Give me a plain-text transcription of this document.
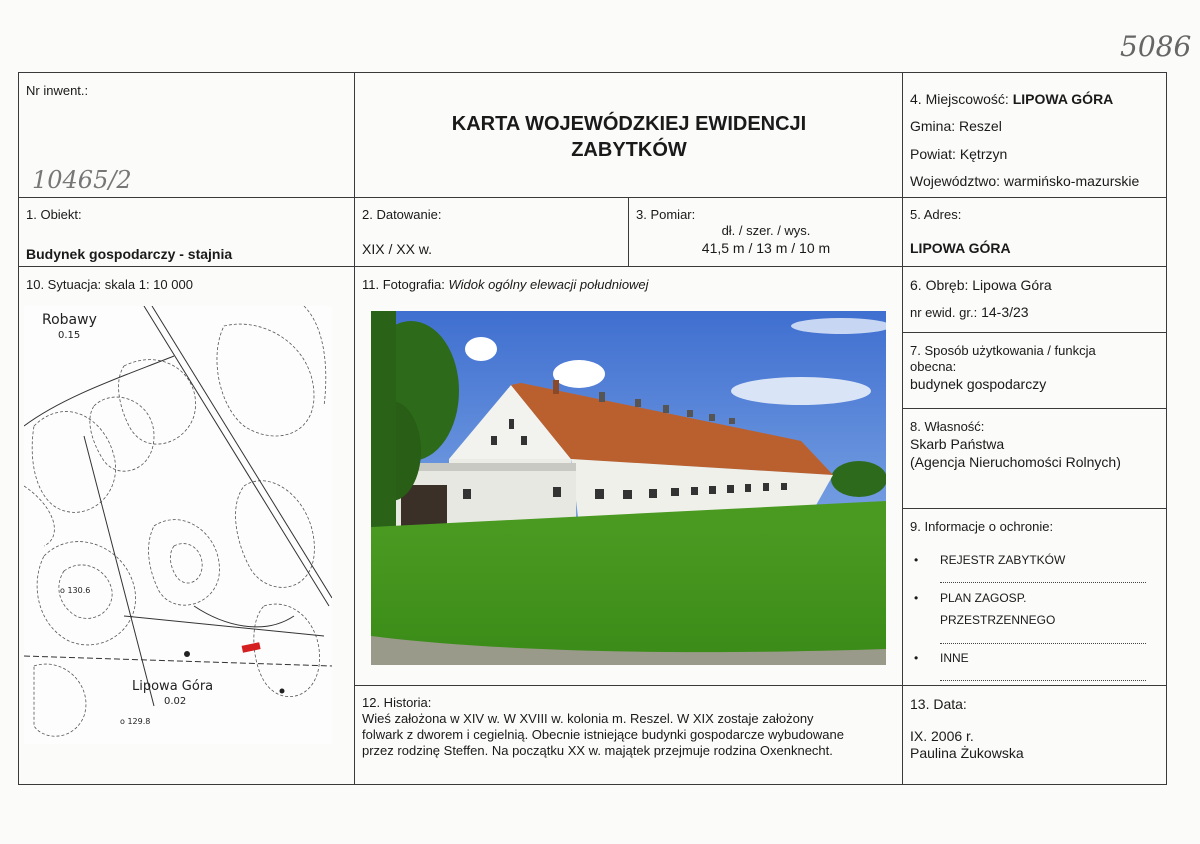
5086
Nr inwent.:
10465/2
KARTA WOJEWÓDZKIEJ EWIDENCJI
ZABYTKÓW
4. Miejscowość: LIPOWA GÓRA
Gmina: Reszel
Powiat: Kętrzyn
Województwo: warmińsko-mazurskie
1. Obiekt:
Budynek gospodarczy - stajnia
2. Datowanie:
XIX / XX w.
3. Pomiar:
dł. / szer. / wys.
41,5 m / 13 m / 10 m
5. Adres:
LIPOWA GÓRA
10. Sytuacja: skala 1: 10 000
Robawy
0.15
Lipowa Góra
0.02
o 130.6
o 129.8
11. Fotografia: Widok ogólny elewacji południowej	6. Obręb: Lipowa Góra
nr ewid. gr.: 14-3/23
7. Sposób użytkowania / funkcja
obecna:
budynek gospodarczy
8. Własność:
Skarb Państwa
(Agencja Nieruchomości Rolnych)
9. Informacje o ochronie:
• REJESTR ZABYTKÓW
• PLAN ZAGOSP.
PRZESTRZENNEGO
• INNE
12. Historia:
Wieś założona w XIV w. W XVIII w. kolonia m. Reszel. W XIX zostaje założony
folwark z dworem i cegielnią. Obecnie istniejące budynki gospodarcze wybudowane
przez rodzinę Steffen. Na początku XX w. majątek przejmuje rodzina Oxenknecht.
13. Data:
IX. 2006 r.
Paulina Żukowska
